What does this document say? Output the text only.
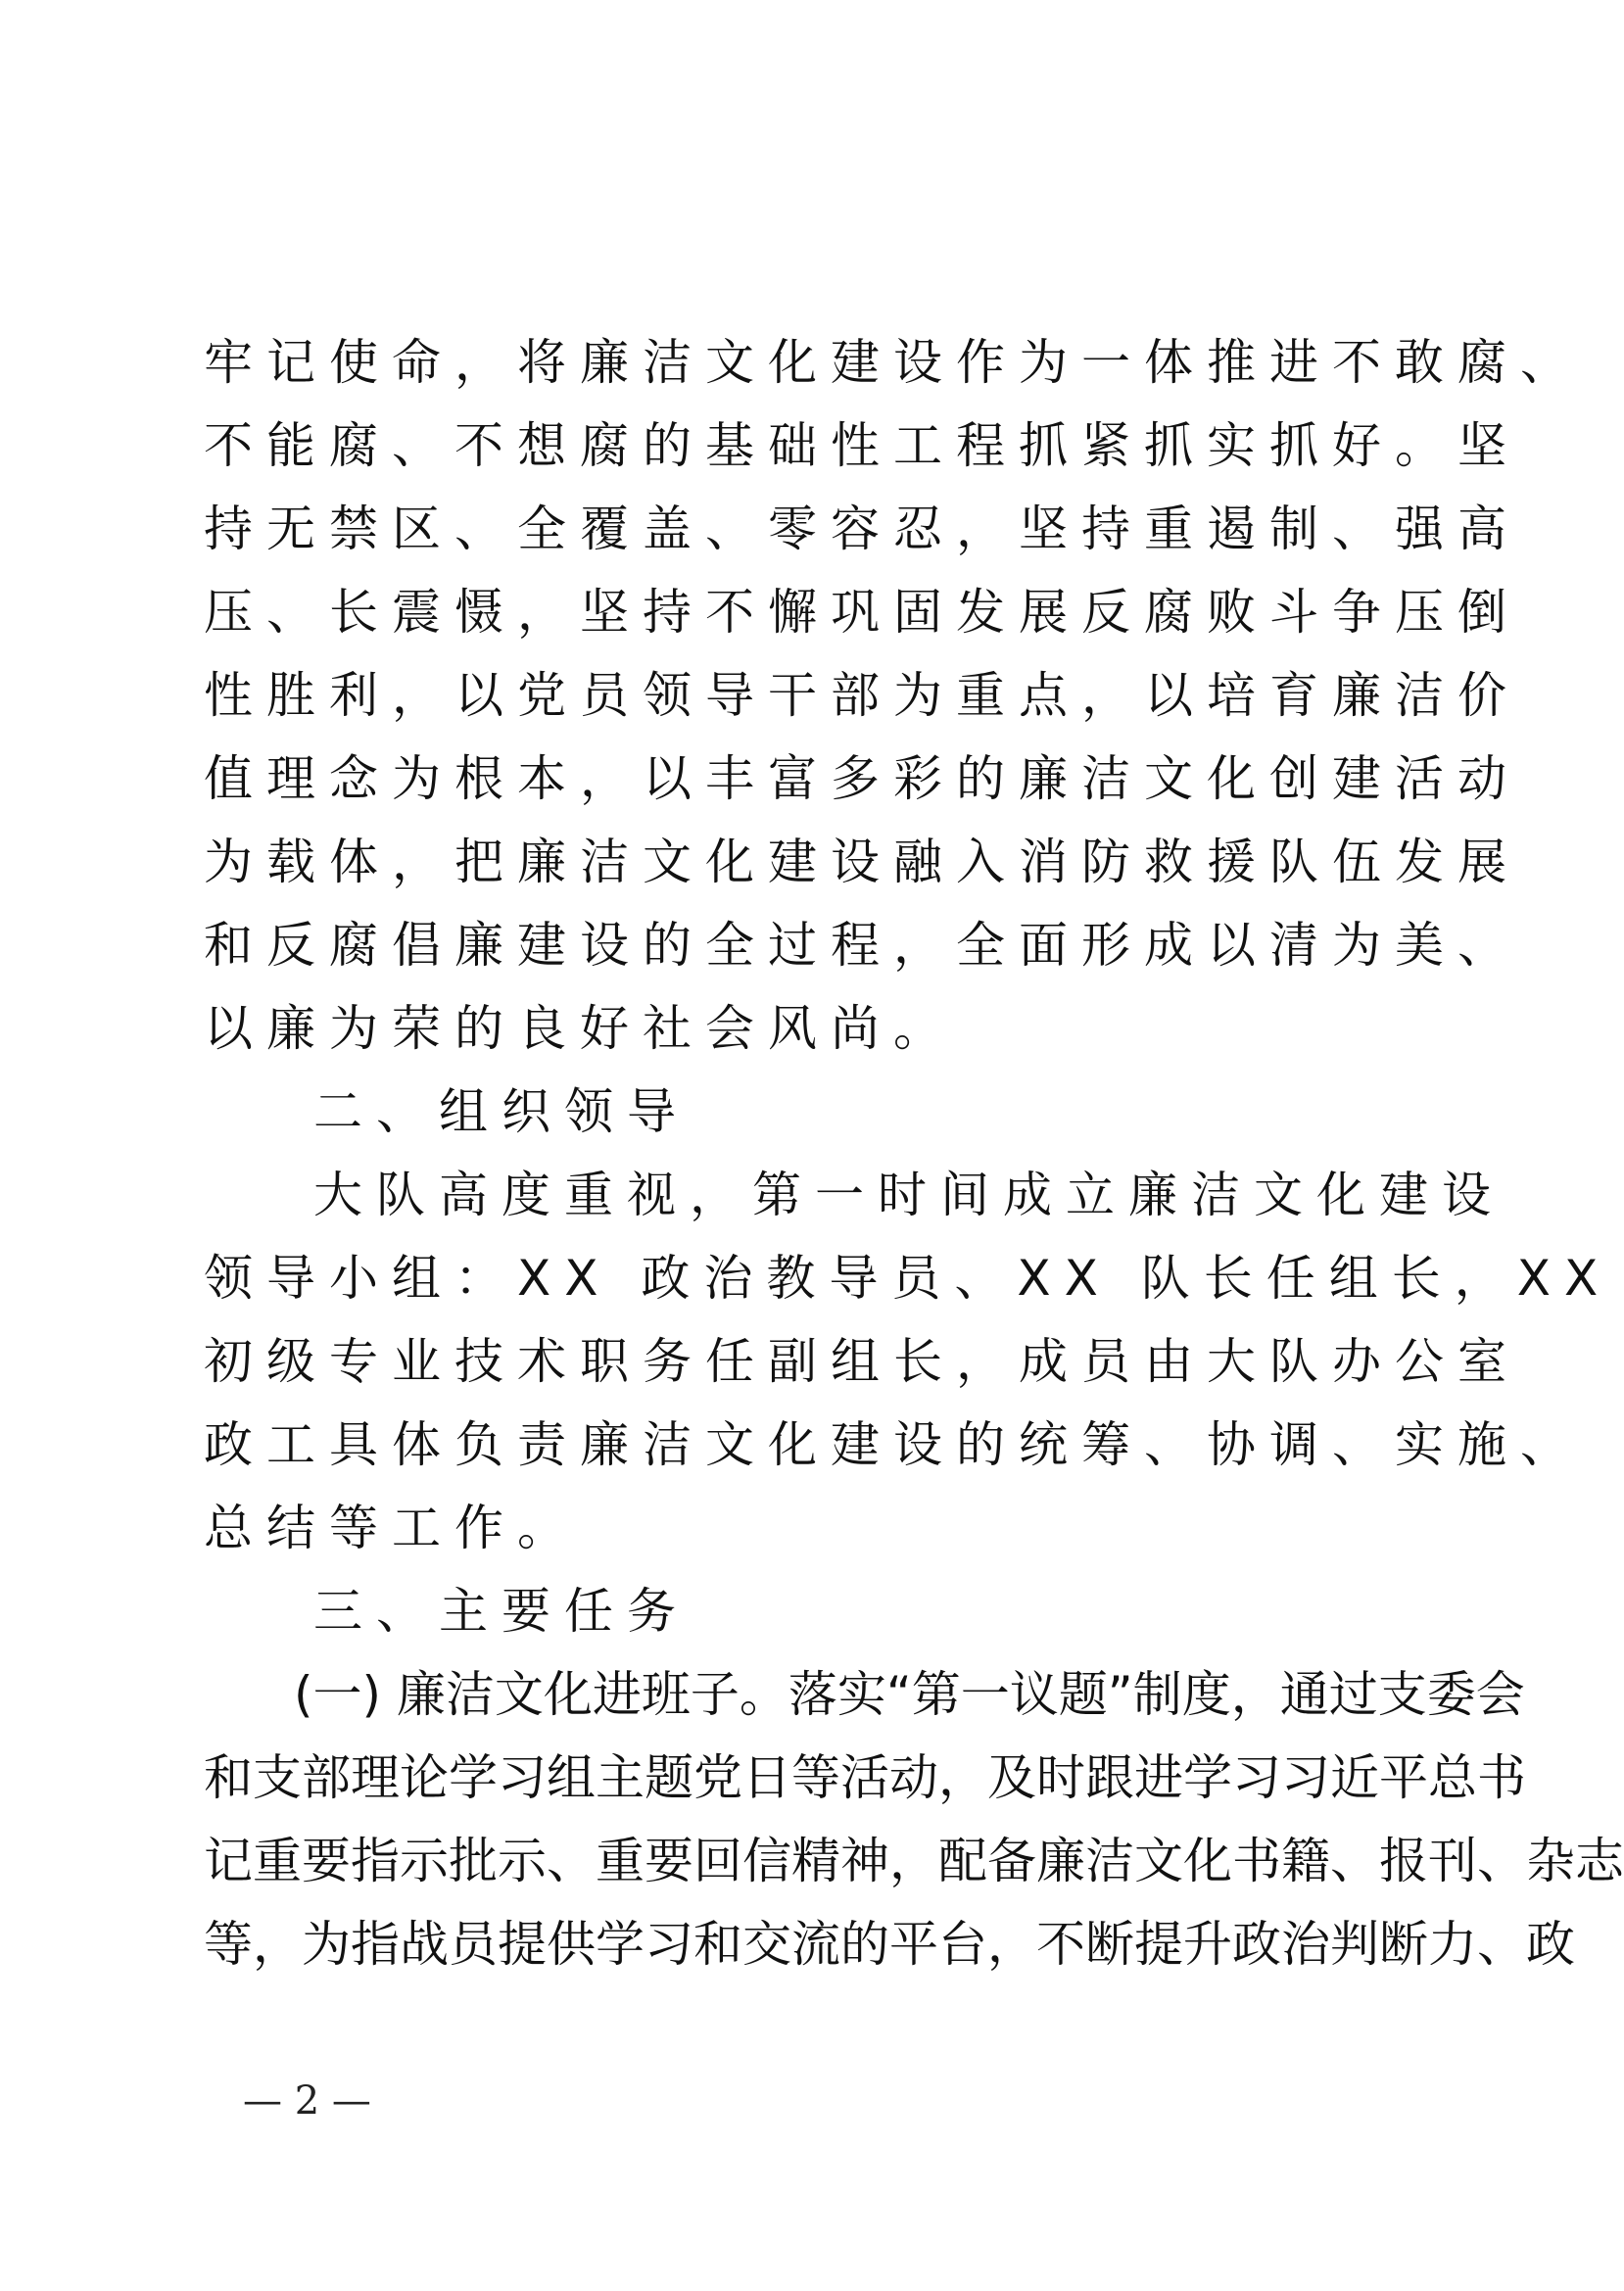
牢记使命，将廉洁文化建设作为一体推进不敢腐、
不能腐、不想腐的基础性工程抓紧抓实抓好。坚
持无禁区、全覆盖、零容忍，坚持重遏制、强高
压、长震慑，坚持不懈巩固发展反腐败斗争压倒
性胜利，以党员领导干部为重点，以培育廉洁价
值理念为根本，以丰富多彩的廉洁文化创建活动
为载体，把廉洁文化建设融入消防救援队伍发展
和反腐倡廉建设的全过程，全面形成以清为美、
以廉为荣的良好社会风尚。
二、组织领导
大队高度重视，第一时间成立廉洁文化建设
领导小组：XX 政治教导员、XX 队长任组长，XX
初级专业技术职务任副组长，成员由大队办公室
政工具体负责廉洁文化建设的统筹、协调、实施、
总结等工作。
三、主要任务
(一) 廉洁文化进班子。落实“第一议题”制度，通过支委会
和支部理论学习组主题党日等活动，及时跟进学习习近平总书
记重要指示批示、重要回信精神，配备廉洁文化书籍、报刊、杂志
等，为指战员提供学习和交流的平台，不断提升政治判断力、政
— 2 —
